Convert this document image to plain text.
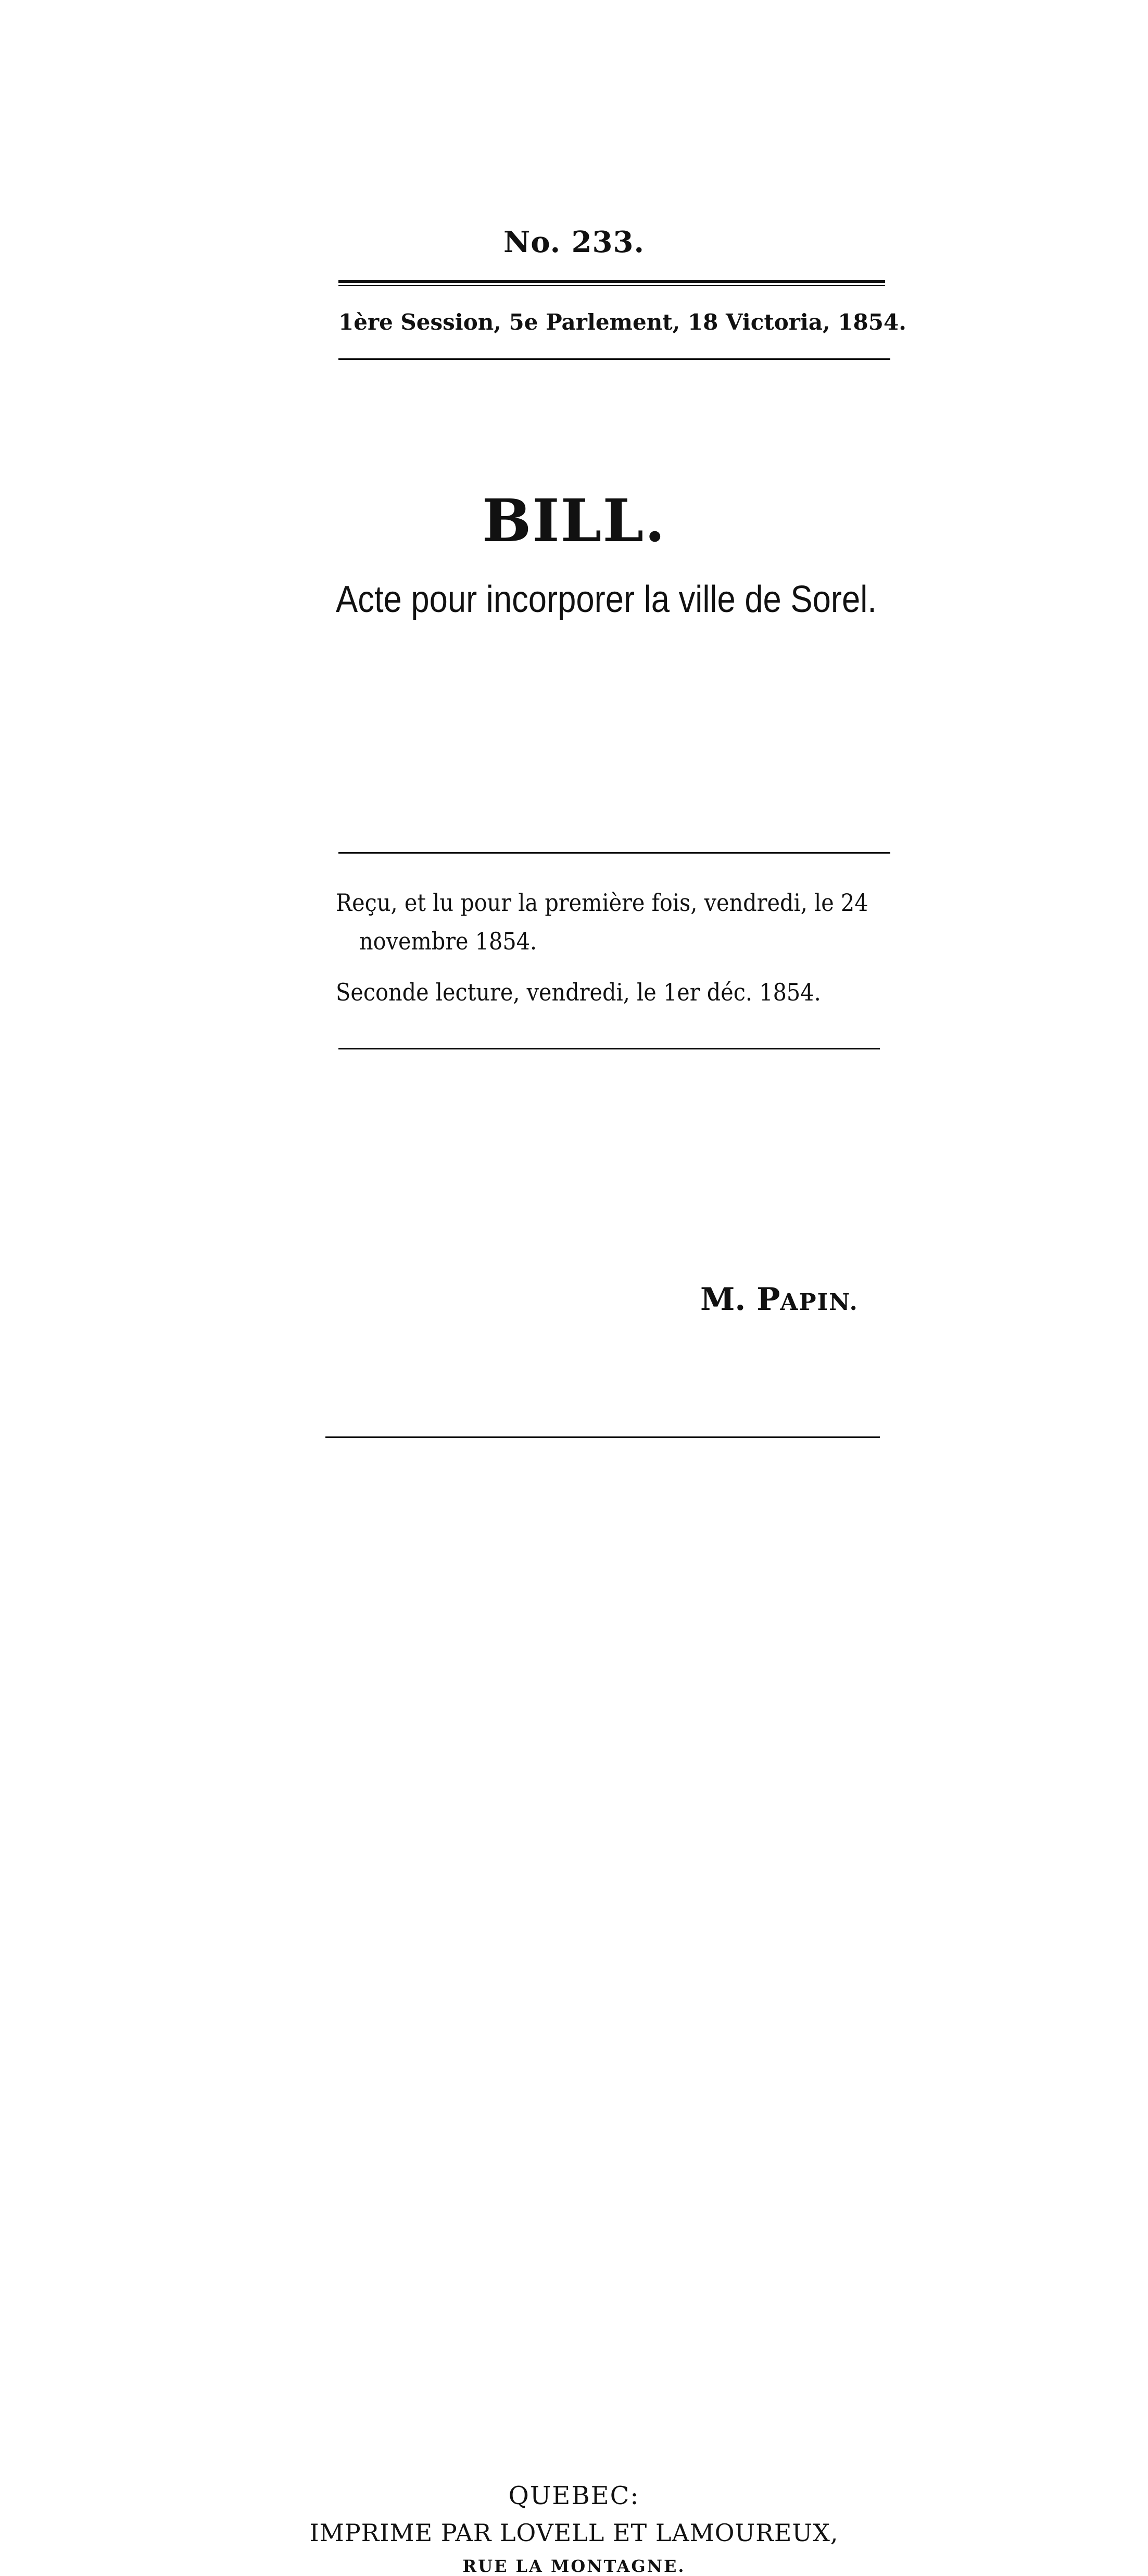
No. 233.
1ère Session, 5e Parlement, 18 Victoria, 1854.
BILL.
Acte pour incorporer la ville de Sorel.
Reçu, et lu pour la première fois, vendredi, le 24
novembre 1854.
Seconde lecture, vendredi, le 1er déc. 1854.
M. PAPIN.
QUEBEC:
IMPRIME PAR LOVELL ET LAMOUREUX,
RUE LA MONTAGNE.
